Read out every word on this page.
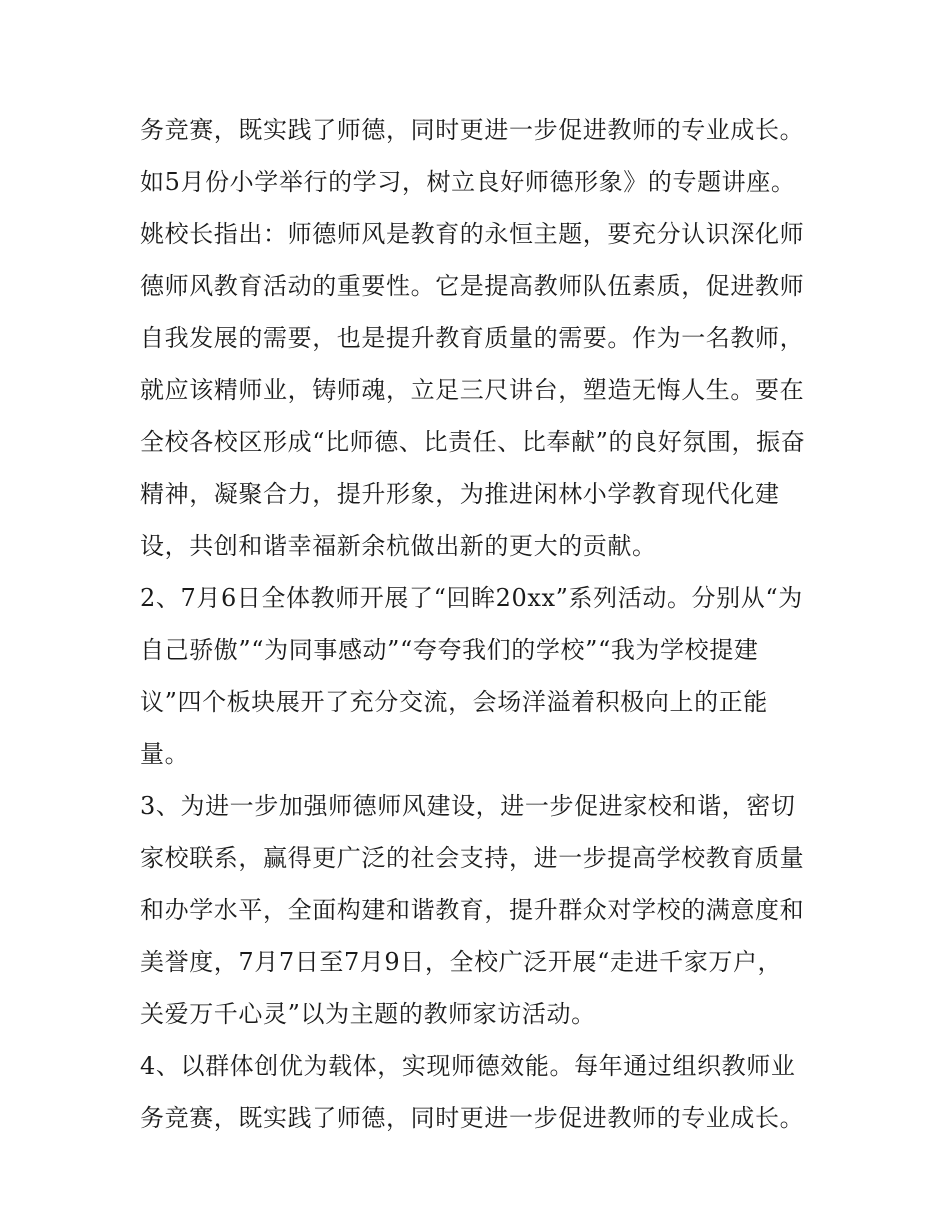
务竞赛，既实践了师德，同时更进一步促进教师的专业成长。
如5月份小学举行的学习，树立良好师德形象》的专题讲座。
姚校长指出：师德师风是教育的永恒主题，要充分认识深化师
德师风教育活动的重要性。它是提高教师队伍素质，促进教师
自我发展的需要，也是提升教育质量的需要。作为一名教师，
就应该精师业，铸师魂，立足三尺讲台，塑造无悔人生。要在
全校各校区形成“比师德、比责任、比奉献”的良好氛围，振奋
精神，凝聚合力，提升形象，为推进闲林小学教育现代化建
设，共创和谐幸福新余杭做出新的更大的贡献。
2、7月6日全体教师开展了“回眸20xx”系列活动。分别从“为
自己骄傲”“为同事感动”“夸夸我们的学校”“我为学校提建
议”四个板块展开了充分交流，会场洋溢着积极向上的正能
量。
3、为进一步加强师德师风建设，进一步促进家校和谐，密切
家校联系，赢得更广泛的社会支持，进一步提高学校教育质量
和办学水平，全面构建和谐教育，提升群众对学校的满意度和
美誉度，7月7日至7月9日，全校广泛开展“走进千家万户，
关爱万千心灵”以为主题的教师家访活动。
4、以群体创优为载体，实现师德效能。每年通过组织教师业
务竞赛，既实践了师德，同时更进一步促进教师的专业成长。
